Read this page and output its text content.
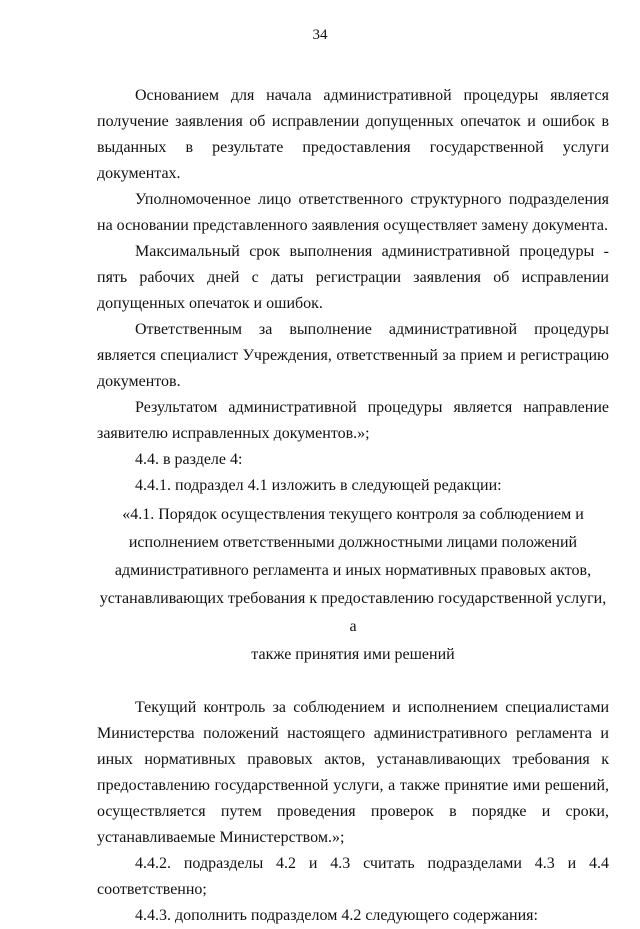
34

Основанием для начала административной процедуры является получение заявления об исправлении допущенных опечаток и ошибок в выданных в результате предоставления государственной услуги документах.

Уполномоченное лицо ответственного структурного подразделения на основании представленного заявления осуществляет замену документа.

Максимальный срок выполнения административной процедуры - пять рабочих дней с даты регистрации заявления об исправлении допущенных опечаток и ошибок.

Ответственным за выполнение административной процедуры является специалист Учреждения, ответственный за прием и регистрацию документов.

Результатом административной процедуры является направление заявителю исправленных документов.»;

4.4. в разделе 4:

4.4.1. подраздел 4.1 изложить в следующей редакции:

«4.1. Порядок осуществления текущего контроля за соблюдением и

исполнением ответственными должностными лицами положений

административного регламента и иных нормативных правовых актов,

устанавливающих требования к предоставлению государственной услуги, а

также принятия ими решений

Текущий контроль за соблюдением и исполнением специалистами Министерства положений настоящего административного регламента и иных нормативных правовых актов, устанавливающих требования к предоставлению государственной услуги, а также принятие ими решений, осуществляется путем проведения проверок в порядке и сроки, устанавливаемые Министерством.»;

4.4.2. подразделы 4.2 и 4.3 считать подразделами 4.3 и 4.4 соответственно;

4.4.3. дополнить подразделом 4.2 следующего содержания:
